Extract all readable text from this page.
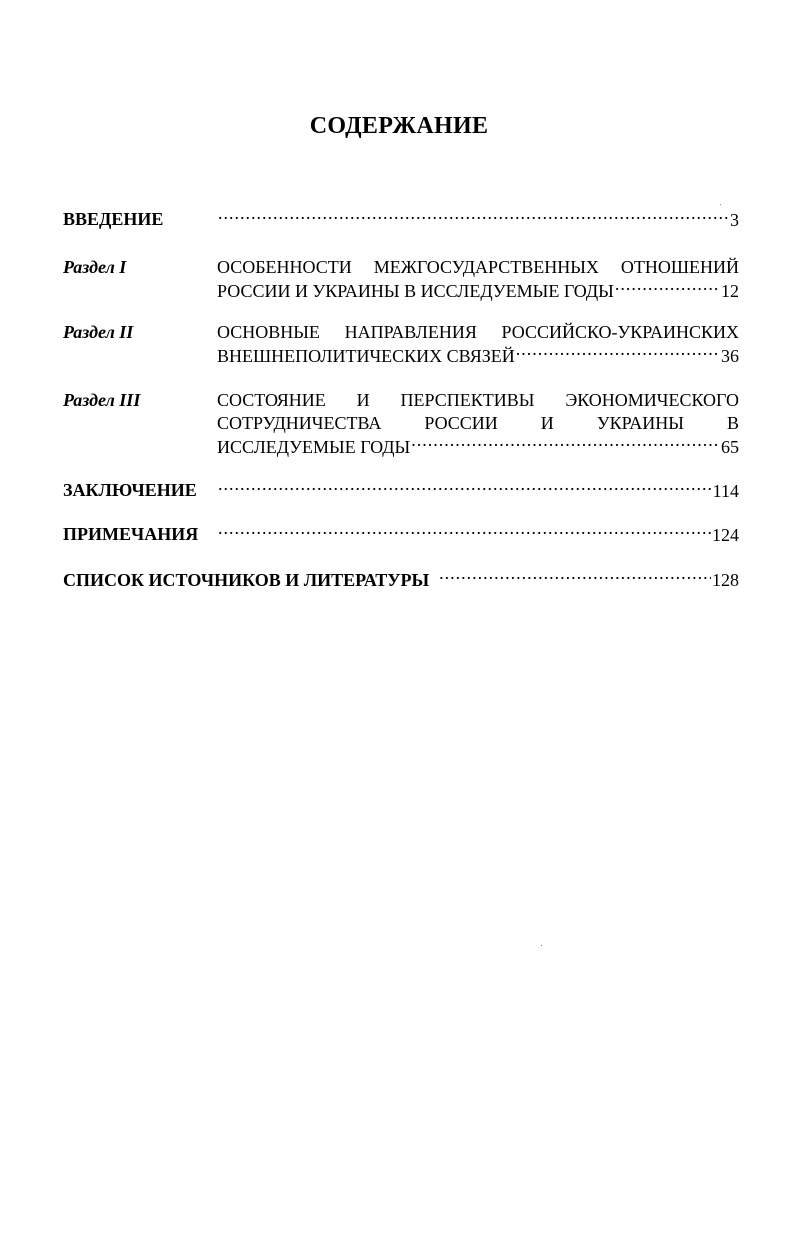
СОДЕРЖАНИЕ
ВВЕДЕНИЕ .....	3
Раздел I	ОСОБЕННОСТИ МЕЖГОСУДАРСТВЕННЫХ ОТНОШЕНИЙ
РОССИИ И УКРАИНЫ В ИССЛЕДУЕМЫЕ ГОДЫ .....	12
Раздел II	ОСНОВНЫЕ НАПРАВЛЕНИЯ РОССИЙСКО-УКРАИНСКИХ
ВНЕШНЕПОЛИТИЧЕСКИХ СВЯЗЕЙ .....	36
Раздел III	СОСТОЯНИЕ И ПЕРСПЕКТИВЫ ЭКОНОМИЧЕСКОГО
СОТРУДНИЧЕСТВА РОССИИ И УКРАИНЫ В
ИССЛЕДУЕМЫЕ ГОДЫ .....	65
ЗАКЛЮЧЕНИЕ .....	114
ПРИМЕЧАНИЯ .....	124
СПИСОК ИСТОЧНИКОВ И ЛИТЕРАТУРЫ .....	128
